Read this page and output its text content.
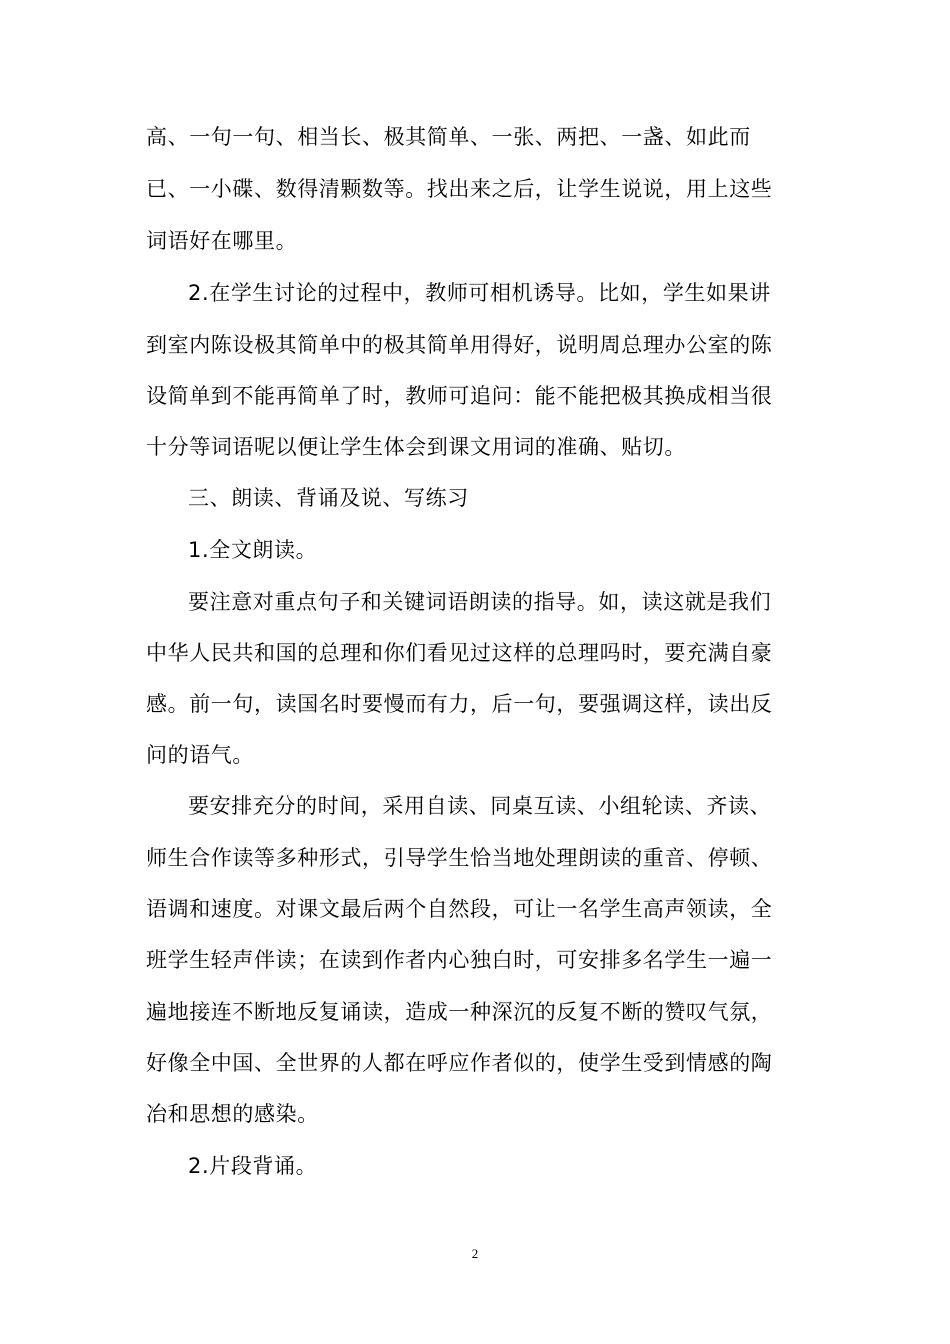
高、一句一句、相当长、极其简单、一张、两把、一盏、如此而
已、一小碟、数得清颗数等。找出来之后，让学生说说，用上这些
词语好在哪里。
2.在学生讨论的过程中，教师可相机诱导。比如，学生如果讲
到室内陈设极其简单中的极其简单用得好，说明周总理办公室的陈
设简单到不能再简单了时，教师可追问：能不能把极其换成相当很
十分等词语呢以便让学生体会到课文用词的准确、贴切。
三、朗读、背诵及说、写练习
1.全文朗读。
要注意对重点句子和关键词语朗读的指导。如，读这就是我们
中华人民共和国的总理和你们看见过这样的总理吗时，要充满自豪
感。前一句，读国名时要慢而有力，后一句，要强调这样，读出反
问的语气。
要安排充分的时间，采用自读、同桌互读、小组轮读、齐读、
师生合作读等多种形式，引导学生恰当地处理朗读的重音、停顿、
语调和速度。对课文最后两个自然段，可让一名学生高声领读，全
班学生轻声伴读；在读到作者内心独白时，可安排多名学生一遍一
遍地接连不断地反复诵读，造成一种深沉的反复不断的赞叹气氛，
好像全中国、全世界的人都在呼应作者似的，使学生受到情感的陶
冶和思想的感染。
2.片段背诵。
2
